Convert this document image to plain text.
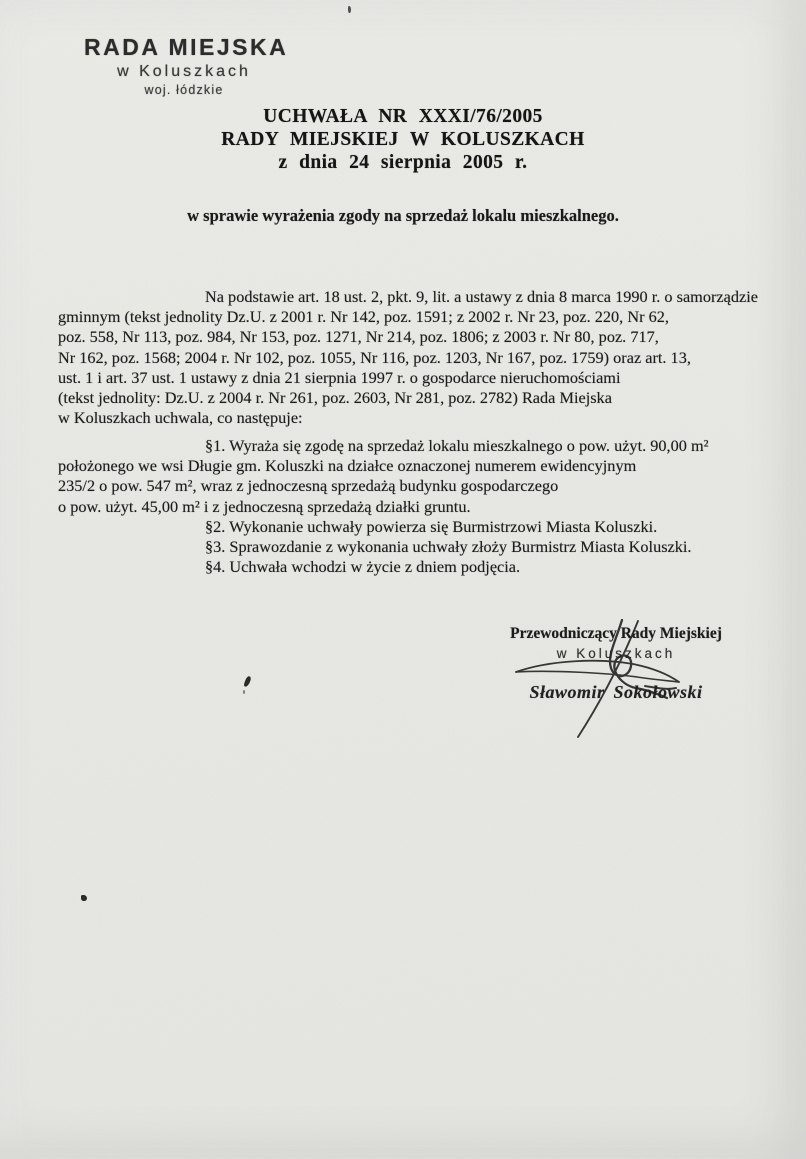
RADA MIEJSKA
w Koluszkach
woj. łódzkie
UCHWAŁA NR XXXI/76/2005
RADY MIEJSKIEJ W KOLUSZKACH
z dnia 24 sierpnia 2005 r.
w sprawie wyrażenia zgody na sprzedaż lokalu mieszkalnego.
Na podstawie art. 18 ust. 2, pkt. 9, lit. a ustawy z dnia 8 marca 1990 r. o samorządzie
gminnym (tekst jednolity Dz.U. z 2001 r. Nr 142, poz. 1591; z 2002 r. Nr 23, poz. 220, Nr 62,
poz. 558, Nr 113, poz. 984, Nr 153, poz. 1271, Nr 214, poz. 1806; z 2003 r. Nr 80, poz. 717,
Nr 162, poz. 1568; 2004 r. Nr 102, poz. 1055, Nr 116, poz. 1203, Nr 167, poz. 1759) oraz art. 13,
ust. 1 i art. 37 ust. 1 ustawy z dnia 21 sierpnia 1997 r. o gospodarce nieruchomościami
(tekst jednolity: Dz.U. z 2004 r. Nr 261, poz. 2603, Nr 281, poz. 2782) Rada Miejska
w Koluszkach uchwala, co następuje:
§1. Wyraża się zgodę na sprzedaż lokalu mieszkalnego o pow. użyt. 90,00 m²
położonego we wsi Długie gm. Koluszki na działce oznaczonej numerem ewidencyjnym
235/2 o pow. 547 m², wraz z jednoczesną sprzedażą budynku gospodarczego
o pow. użyt. 45,00 m² i z jednoczesną sprzedażą działki gruntu.
§2. Wykonanie uchwały powierza się Burmistrzowi Miasta Koluszki.
§3. Sprawozdanie z wykonania uchwały złoży Burmistrz Miasta Koluszki.
§4. Uchwała wchodzi w życie z dniem podjęcia.
Przewodniczący Rady Miejskiej
w Koluszkach
Sławomir Sokołowski
